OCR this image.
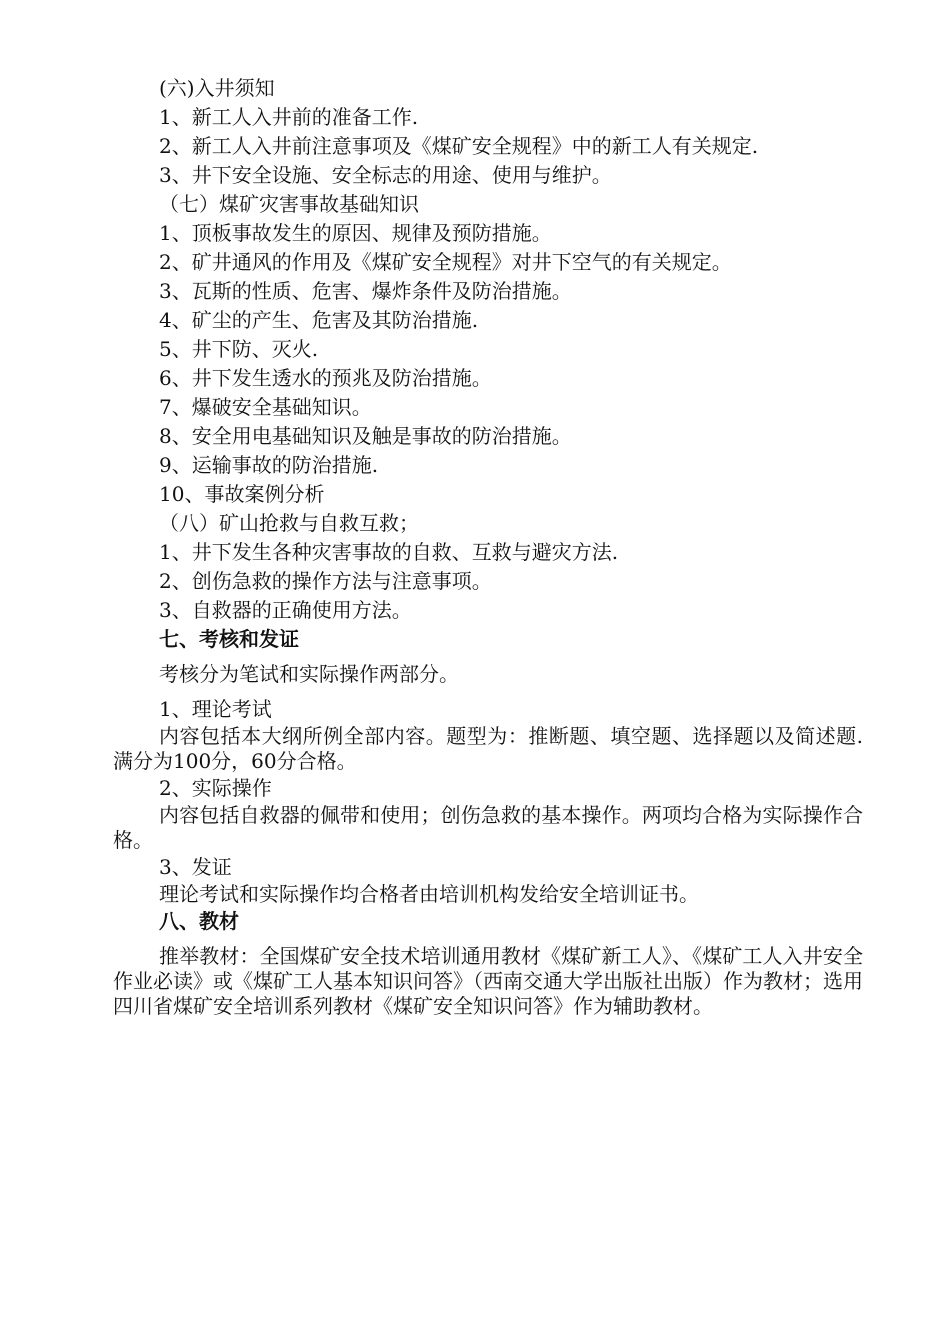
(六)入井须知
1、新工人入井前的准备工作.
2、新工人入井前注意事项及《煤矿安全规程》中的新工人有关规定.
3、井下安全设施、安全标志的用途、使用与维护。
（七）煤矿灾害事故基础知识
1、顶板事故发生的原因、规律及预防措施。
2、矿井通风的作用及《煤矿安全规程》对井下空气的有关规定。
3、瓦斯的性质、危害、爆炸条件及防治措施。
4、矿尘的产生、危害及其防治措施.
5、井下防、灭火.
6、井下发生透水的预兆及防治措施。
7、爆破安全基础知识。
8、安全用电基础知识及触是事故的防治措施。
9、运输事故的防治措施.
10、事故案例分析
（八）矿山抢救与自救互救；
1、井下发生各种灾害事故的自救、互救与避灾方法.
2、创伤急救的操作方法与注意事项。
3、自救器的正确使用方法。
七、考核和发证
考核分为笔试和实际操作两部分。
1、理论考试
内容包括本大纲所例全部内容。题型为：推断题、填空题、选择题以及简述题.满分为100分，60分合格。
2、实际操作
内容包括自救器的佩带和使用；创伤急救的基本操作。两项均合格为实际操作合格。
3、发证
理论考试和实际操作均合格者由培训机构发给安全培训证书。
八、教材
推举教材：全国煤矿安全技术培训通用教材《煤矿新工人》、《煤矿工人入井安全作业必读》或《煤矿工人基本知识问答》（西南交通大学出版社出版）作为教材；选用四川省煤矿安全培训系列教材《煤矿安全知识问答》作为辅助教材。
